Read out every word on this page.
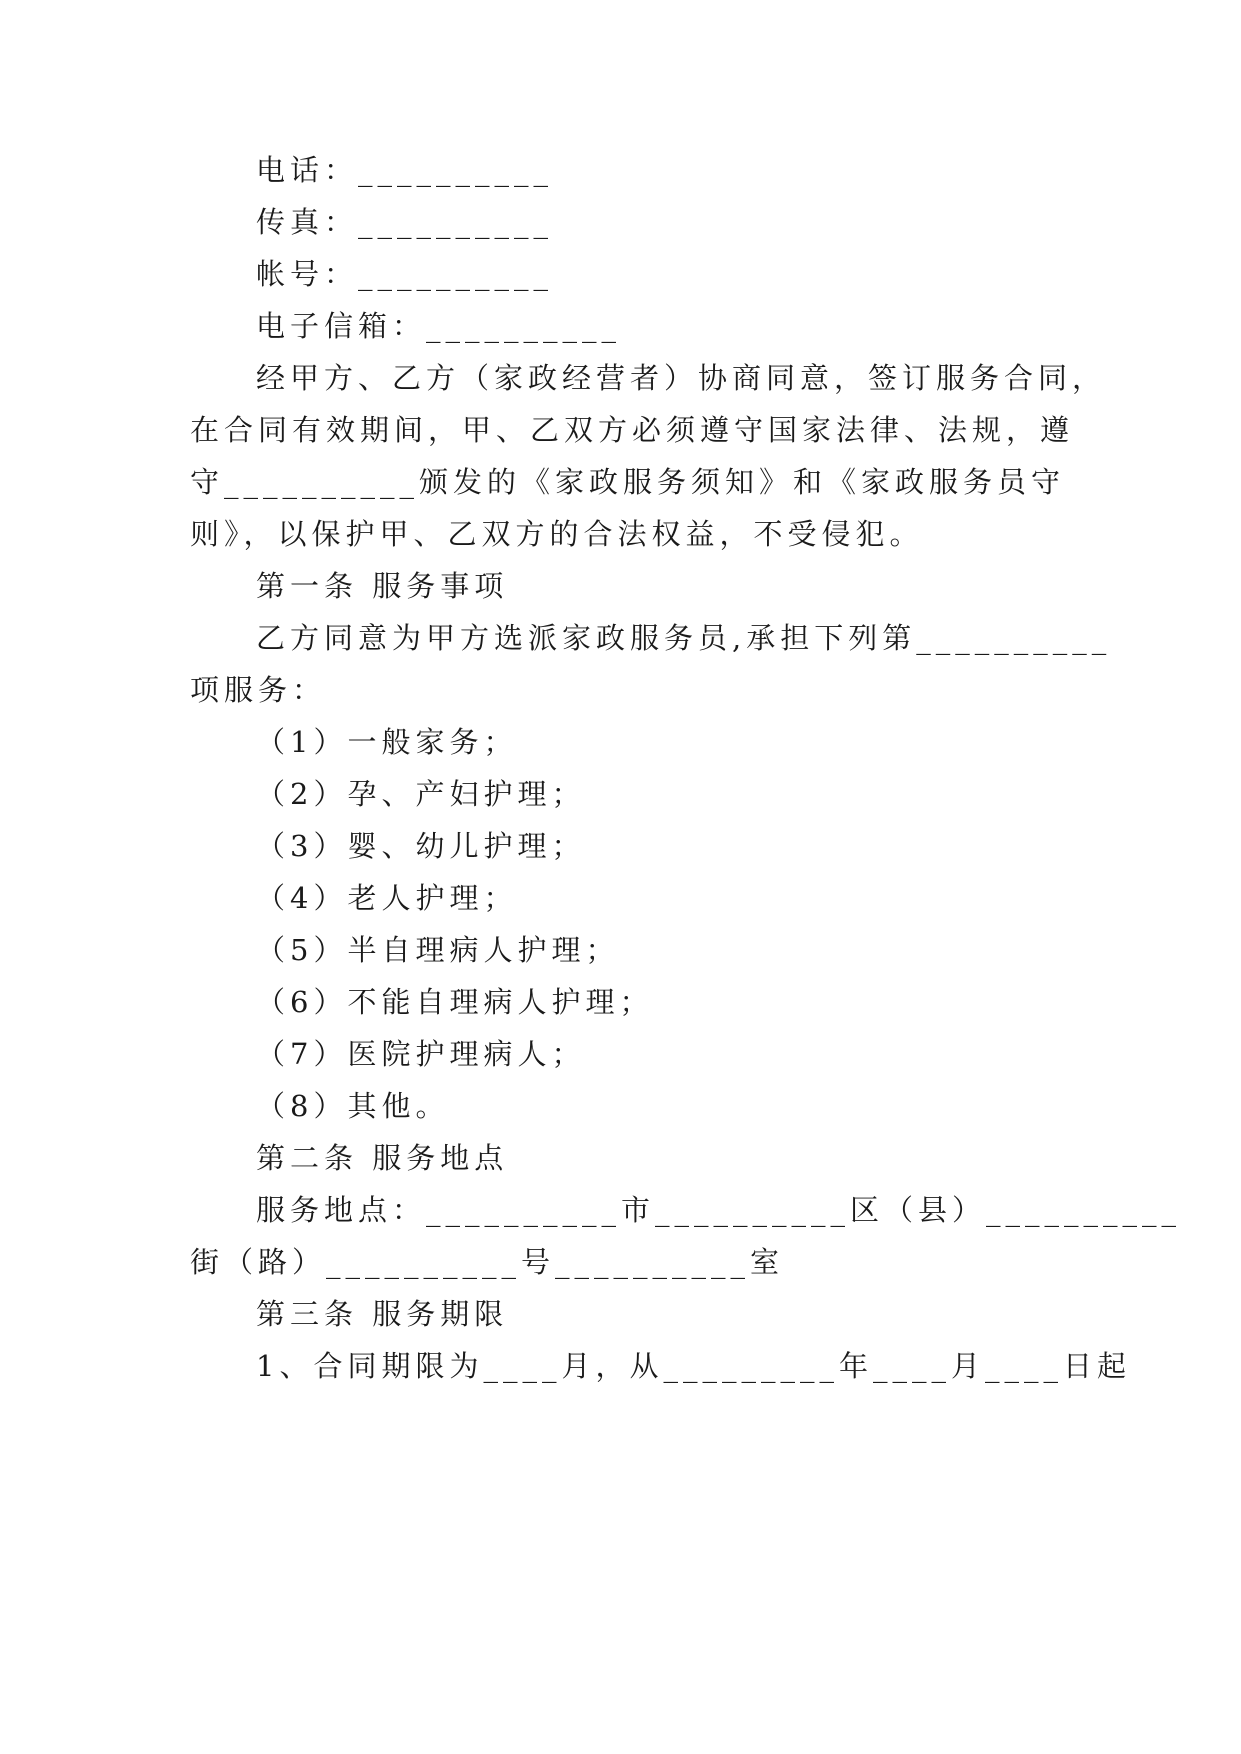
电话：__________
传真：__________
帐号：__________
电子信箱：__________
经甲方、乙方（家政经营者）协商同意，签订服务合同，
在合同有效期间，甲、乙双方必须遵守国家法律、法规，遵
守__________颁发的《家政服务须知》和《家政服务员守
则》，以保护甲、乙双方的合法权益，不受侵犯。
第一条 服务事项
乙方同意为甲方选派家政服务员,承担下列第__________
项服务：
（1）一般家务；
（2）孕、产妇护理；
（3）婴、幼儿护理；
（4）老人护理；
（5）半自理病人护理；
（6）不能自理病人护理；
（7）医院护理病人；
（8）其他。
第二条 服务地点
服务地点：__________市__________区（县）__________
街（路）__________号__________室
第三条 服务期限
1、合同期限为____月，从_________年____月____日起
